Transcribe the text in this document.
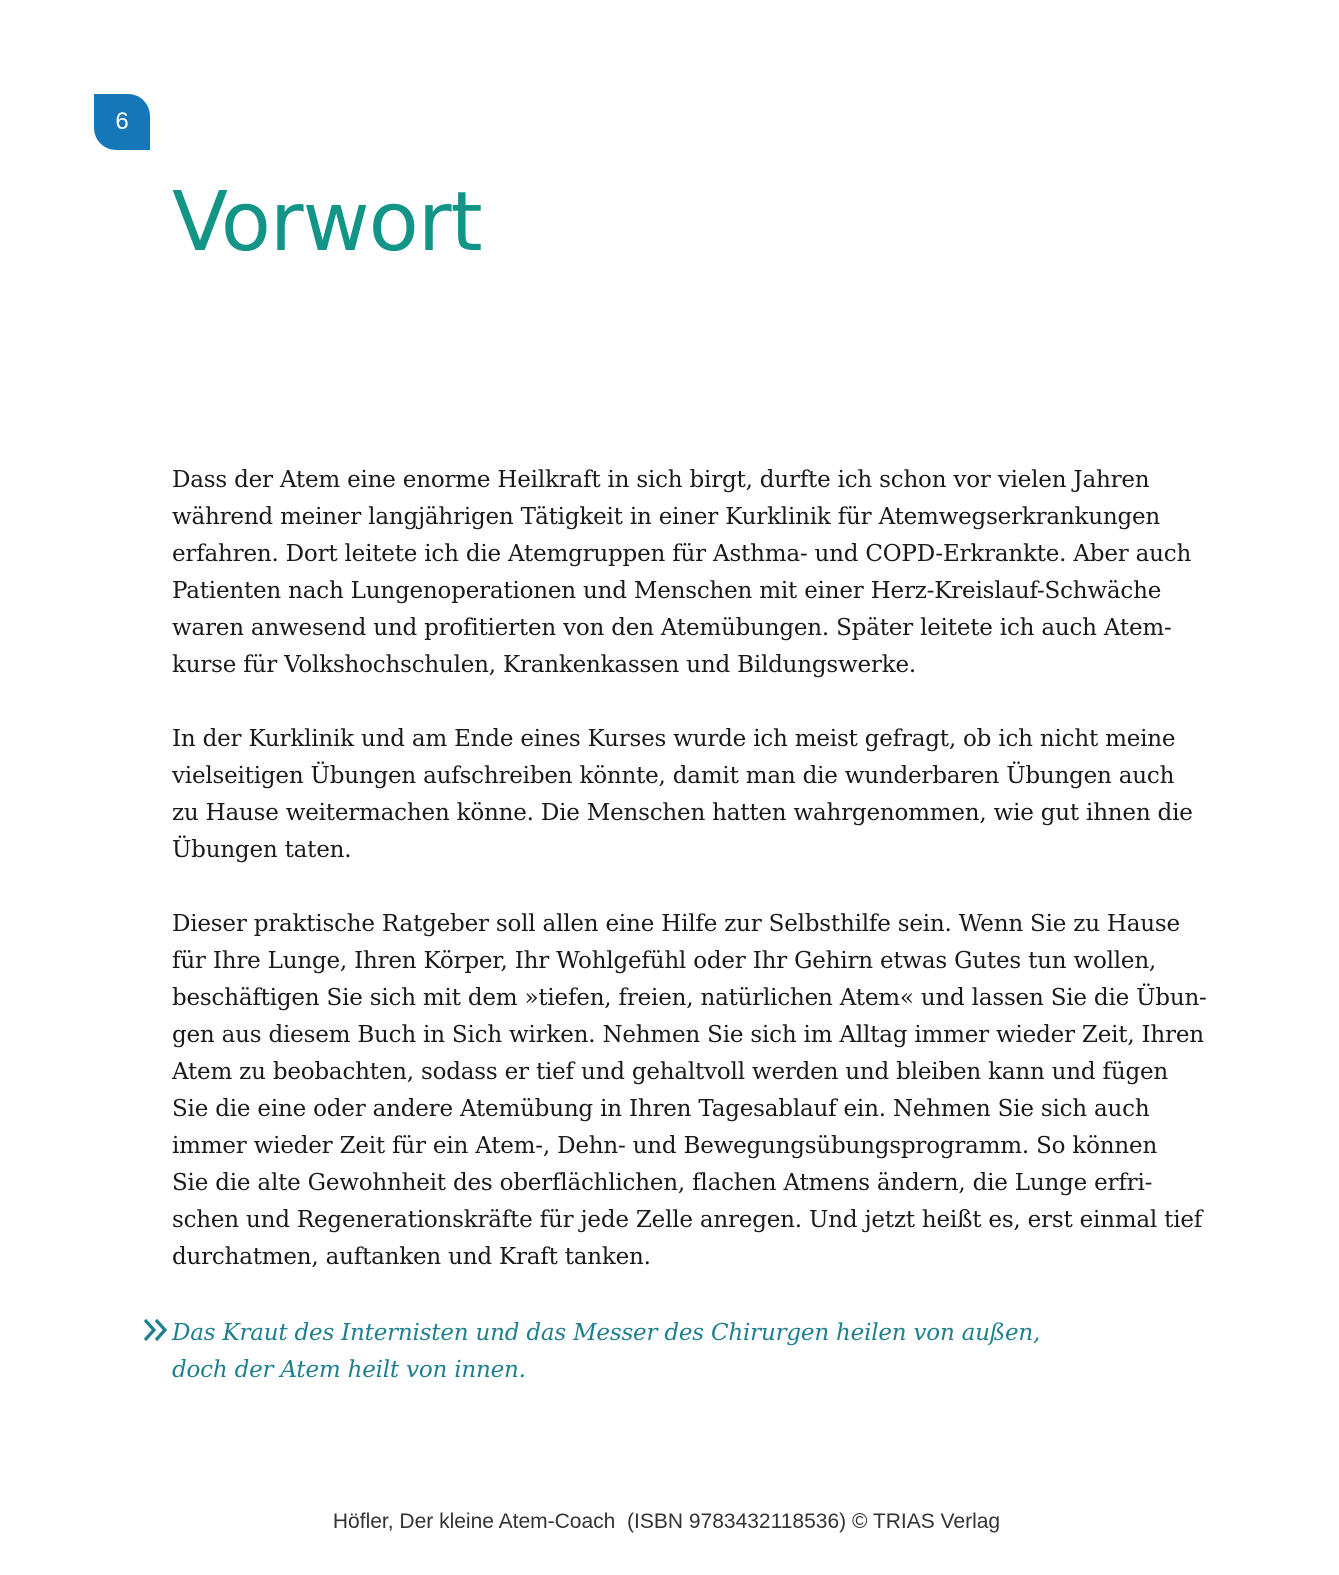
6
Vorwort

Dass der Atem eine enorme Heilkraft in sich birgt, durfte ich schon vor vielen Jahren
während meiner langjährigen Tätigkeit in einer Kurklinik für Atemwegserkrankungen
erfahren. Dort leitete ich die Atemgruppen für Asthma- und COPD-Erkrankte. Aber auch
Patienten nach Lungenoperationen und Menschen mit einer Herz-Kreislauf-Schwäche
waren anwesend und profitierten von den Atemübungen. Später leitete ich auch Atem-
kurse für Volkshochschulen, Krankenkassen und Bildungswerke.

In der Kurklinik und am Ende eines Kurses wurde ich meist gefragt, ob ich nicht meine
vielseitigen Übungen aufschreiben könnte, damit man die wunderbaren Übungen auch
zu Hause weitermachen könne. Die Menschen hatten wahrgenommen, wie gut ihnen die
Übungen taten.

Dieser praktische Ratgeber soll allen eine Hilfe zur Selbsthilfe sein. Wenn Sie zu Hause
für Ihre Lunge, Ihren Körper, Ihr Wohlgefühl oder Ihr Gehirn etwas Gutes tun wollen,
beschäftigen Sie sich mit dem »tiefen, freien, natürlichen Atem« und lassen Sie die Übun-
gen aus diesem Buch in Sich wirken. Nehmen Sie sich im Alltag immer wieder Zeit, Ihren
Atem zu beobachten, sodass er tief und gehaltvoll werden und bleiben kann und fügen
Sie die eine oder andere Atemübung in Ihren Tagesablauf ein. Nehmen Sie sich auch
immer wieder Zeit für ein Atem-, Dehn- und Bewegungsübungsprogramm. So können
Sie die alte Gewohnheit des oberflächlichen, flachen Atmens ändern, die Lunge erfri-
schen und Regenerationskräfte für jede Zelle anregen. Und jetzt heißt es, erst einmal tief
durchatmen, auftanken und Kraft tanken.

Das Kraut des Internisten und das Messer des Chirurgen heilen von außen,
doch der Atem heilt von innen.
Höfler, Der kleine Atem-Coach  (ISBN 9783432118536) © TRIAS Verlag
